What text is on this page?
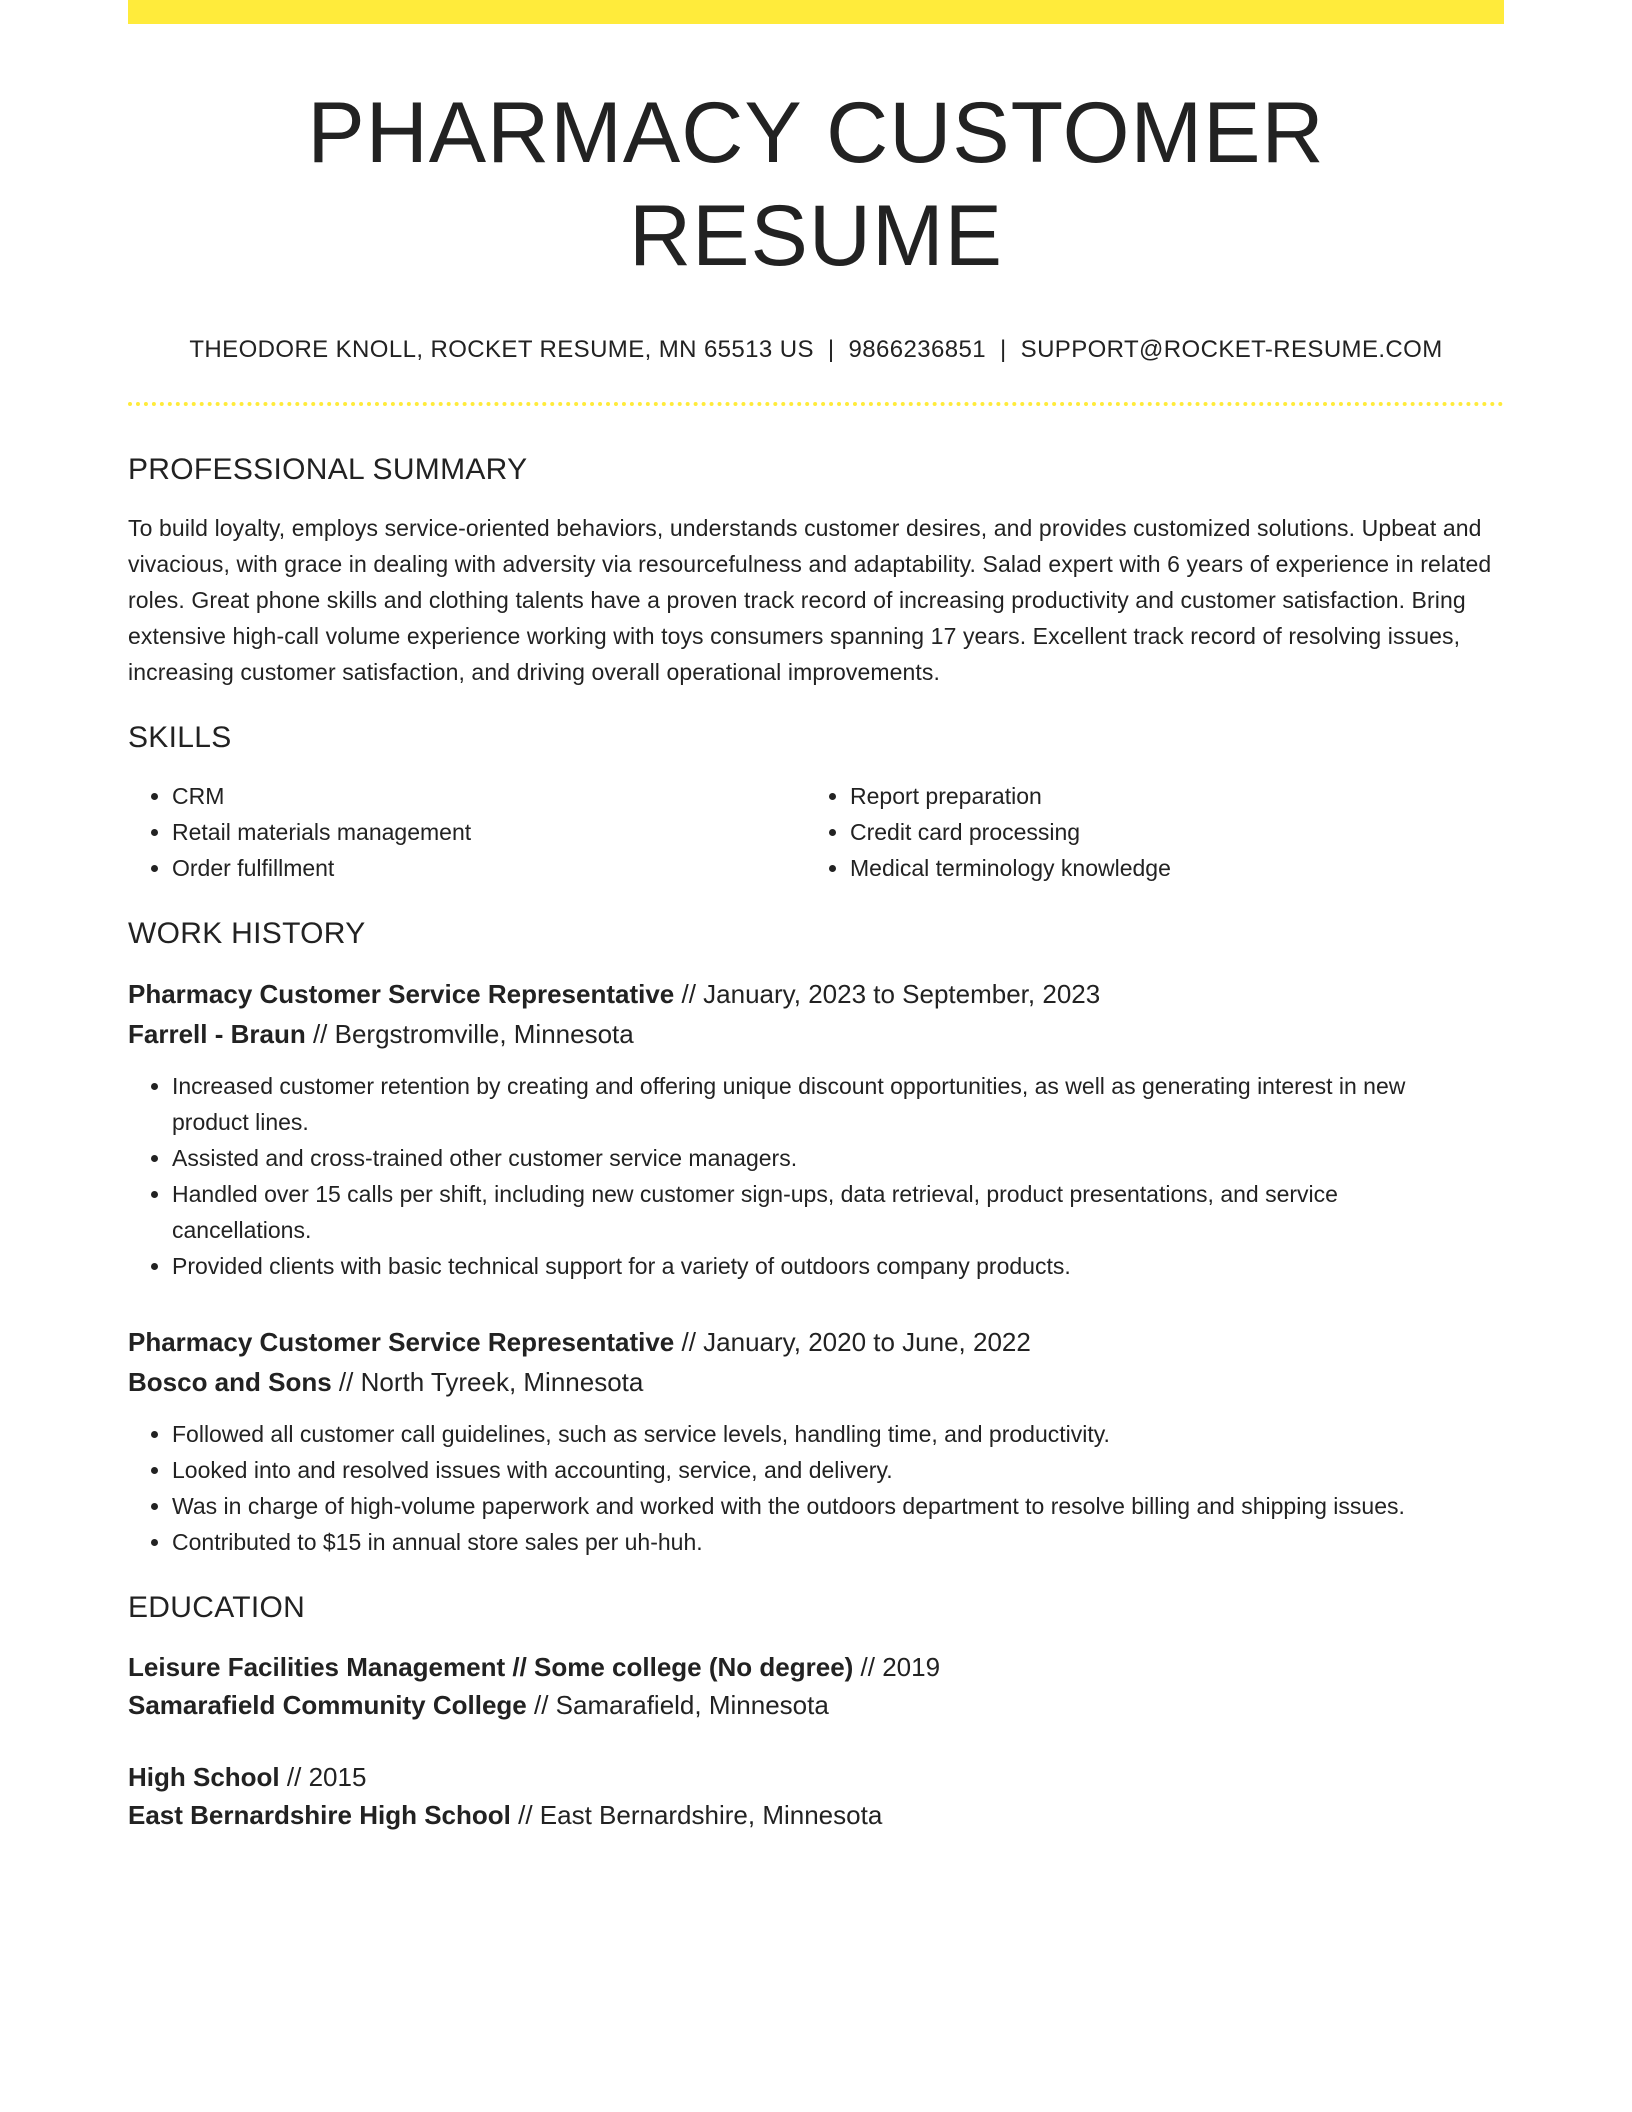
PHARMACY CUSTOMER RESUME
THEODORE KNOLL, ROCKET RESUME, MN 65513 US | 9866236851 | SUPPORT@ROCKET-RESUME.COM
PROFESSIONAL SUMMARY
To build loyalty, employs service-oriented behaviors, understands customer desires, and provides customized solutions. Upbeat and vivacious, with grace in dealing with adversity via resourcefulness and adaptability. Salad expert with 6 years of experience in related roles. Great phone skills and clothing talents have a proven track record of increasing productivity and customer satisfaction. Bring extensive high-call volume experience working with toys consumers spanning 17 years. Excellent track record of resolving issues, increasing customer satisfaction, and driving overall operational improvements.
SKILLS
• CRM
• Retail materials management
• Order fulfillment
• Report preparation
• Credit card processing
• Medical terminology knowledge
WORK HISTORY
Pharmacy Customer Service Representative // January, 2023 to September, 2023
Farrell - Braun // Bergstromville, Minnesota
• Increased customer retention by creating and offering unique discount opportunities, as well as generating interest in new product lines.
• Assisted and cross-trained other customer service managers.
• Handled over 15 calls per shift, including new customer sign-ups, data retrieval, product presentations, and service cancellations.
• Provided clients with basic technical support for a variety of outdoors company products.
Pharmacy Customer Service Representative // January, 2020 to June, 2022
Bosco and Sons // North Tyreek, Minnesota
• Followed all customer call guidelines, such as service levels, handling time, and productivity.
• Looked into and resolved issues with accounting, service, and delivery.
• Was in charge of high-volume paperwork and worked with the outdoors department to resolve billing and shipping issues.
• Contributed to $15 in annual store sales per uh-huh.
EDUCATION
Leisure Facilities Management // Some college (No degree) // 2019
Samarafield Community College // Samarafield, Minnesota
High School // 2015
East Bernardshire High School // East Bernardshire, Minnesota
